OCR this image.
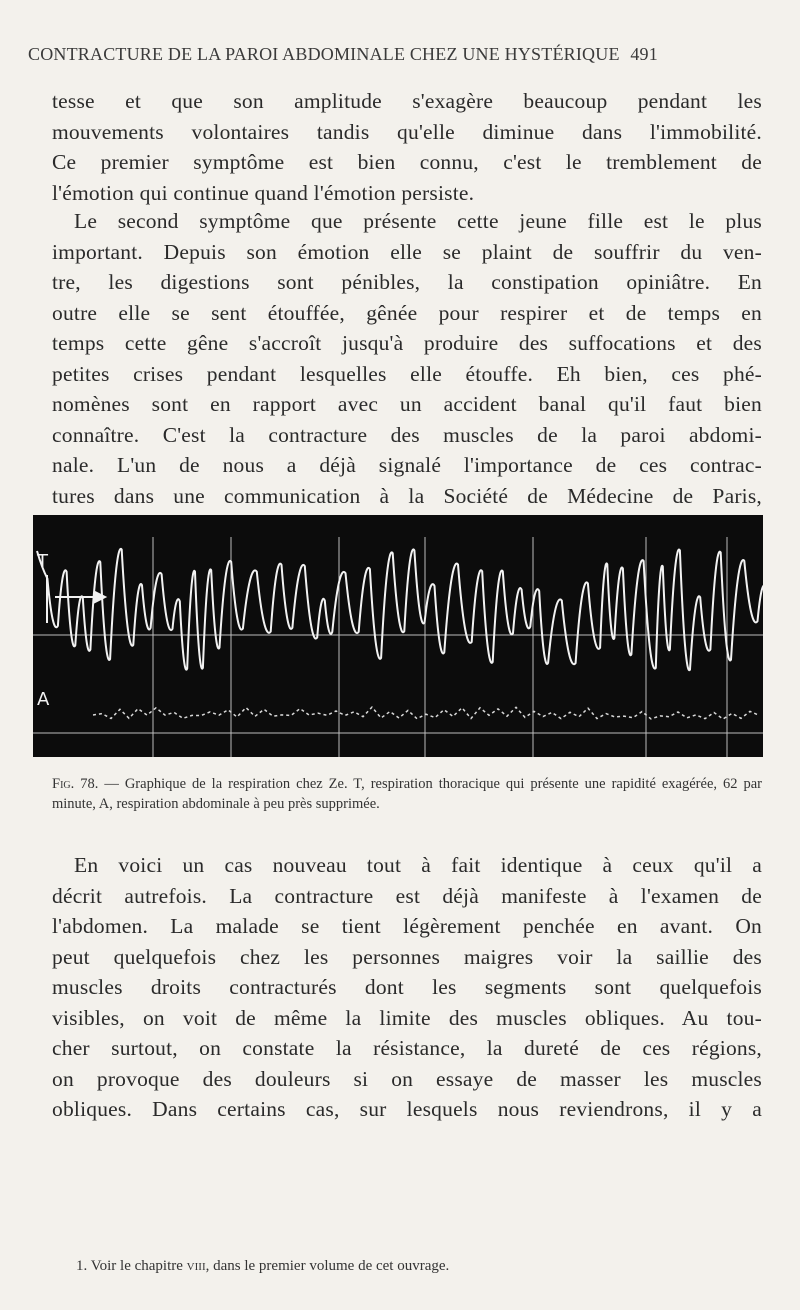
CONTRACTURE DE LA PAROI ABDOMINALE CHEZ UNE HYSTÉRIQUE 491
tesse et que son amplitude s'exagère beaucoup pendant les
mouvements volontaires tandis qu'elle diminue dans l'immobilité.
Ce premier symptôme est bien connu, c'est le tremblement de
l'émotion qui continue quand l'émotion persiste.
Le second symptôme que présente cette jeune fille est le plus
important. Depuis son émotion elle se plaint de souffrir du ven-
tre, les digestions sont pénibles, la constipation opiniâtre. En
outre elle se sent étouffée, gênée pour respirer et de temps en
temps cette gêne s'accroît jusqu'à produire des suffocations et des
petites crises pendant lesquelles elle étouffe. Eh bien, ces phé-
nomènes sont en rapport avec un accident banal qu'il faut bien
connaître. C'est la contracture des muscles de la paroi abdomi-
nale. L'un de nous a déjà signalé l'importance de ces contrac-
tures dans une communication à la Société de Médecine de Paris,
T
A
Fig. 78. — Graphique de la respiration chez Ze. T, respiration thoracique qui présente une rapidité exagérée, 62 par minute, A, respiration abdominale à peu près supprimée.
En voici un cas nouveau tout à fait identique à ceux qu'il a
décrit autrefois. La contracture est déjà manifeste à l'examen de
l'abdomen. La malade se tient légèrement penchée en avant. On
peut quelquefois chez les personnes maigres voir la saillie des
muscles droits contracturés dont les segments sont quelquefois
visibles, on voit de même la limite des muscles obliques. Au tou-
cher surtout, on constate la résistance, la dureté de ces régions,
on provoque des douleurs si on essaye de masser les muscles
obliques. Dans certains cas, sur lesquels nous reviendrons, il y a
1. Voir le chapitre viii, dans le premier volume de cet ouvrage.
